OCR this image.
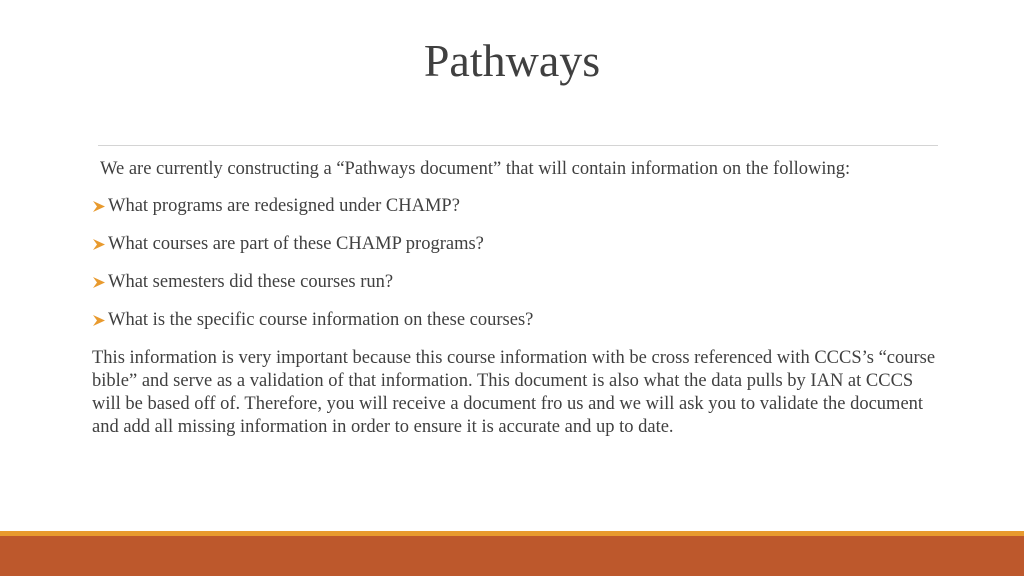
Pathways

We are currently constructing a “Pathways document” that will contain information on the following:

What programs are redesigned under CHAMP?
What courses are part of these CHAMP programs?
What semesters did these courses run?
What is the specific course information on these courses?

This information is very important because this course information with be cross referenced with CCCS’s “course bible” and serve as a validation of that information. This document is also what the data pulls by IAN at CCCS will be based off of. Therefore, you will receive a document fro us and we will ask you to validate the document and add all missing information in order to ensure it is accurate and up to date.
